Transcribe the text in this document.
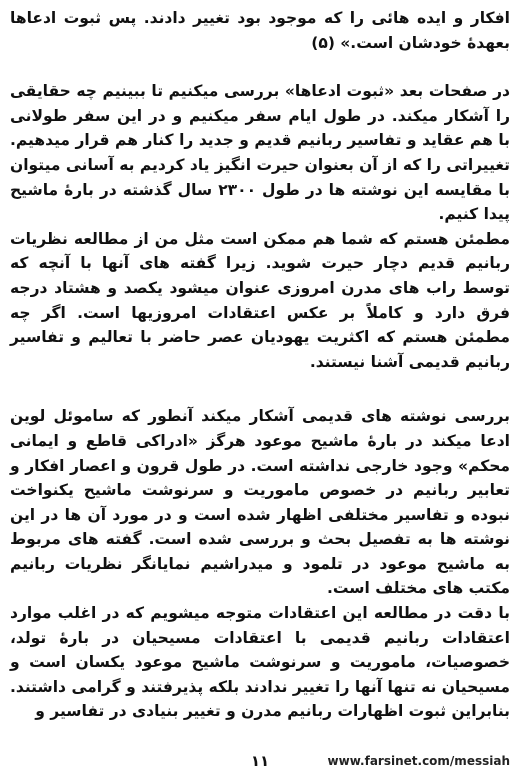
افکار و ایده هائی را که موجود بود تغییر دادند. پس ثبوت ادعاها بعهدهٔ خودشان است.» (۵)

در صفحات بعد «ثبوت ادعاها» بررسی میکنیم تا ببینیم چه حقایقی را آشکار میکند. در طول ایام سفر میکنیم و در این سفر طولانی با هم عقاید و تفاسیر ربانیم قدیم و جدید را کنار هم قرار میدهیم. تغییراتی را که از آن بعنوان حیرت انگیز یاد کردیم به آسانی میتوان با مقایسه این نوشته ها در طول ۲۳۰۰ سال گذشته در بارهٔ ماشیح پیدا کنیم.

مطمئن هستم که شما هم ممکن است مثل من از مطالعه نظریات ربانیم قدیم دچار حیرت شوید. زیرا گفته های آنها با آنچه که توسط راب های مدرن امروزی عنوان میشود یکصد و هشتاد درجه فرق دارد و کاملاً بر عکس اعتقادات امروزیها است. اگر چه مطمئن هستم که اکثریت یهودیان عصر حاضر با تعالیم و تفاسیر ربانیم قدیمی آشنا نیستند.

بررسی نوشته های قدیمی آشکار میکند آنطور که ساموئل لوین ادعا میکند در بارهٔ ماشیح موعود هرگز «ادراکی قاطع و ایمانی محکم» وجود خارجی نداشته است. در طول قرون و اعصار افکار و تعابیر ربانیم در خصوص ماموریت و سرنوشت ماشیح یکنواخت نبوده و تفاسیر مختلفی اظهار شده است و در مورد آن ها در این نوشته ها به تفصیل بحث و بررسی شده است. گفته های مربوط به ماشیح موعود در تلمود و میدراشیم نمایانگر نظریات ربانیم مکتب های مختلف است.

با دقت در مطالعه این اعتقادات متوجه میشویم که در اغلب موارد اعتقادات ربانیم قدیمی با اعتقادات مسیحیان در بارهٔ تولد، خصوصیات، ماموریت و سرنوشت ماشیح موعود یکسان است و مسیحیان نه تنها آنها را تغییر ندادند بلکه پذیرفتند و گرامی داشتند. بنابراین ثبوت اظهارات ربانیم مدرن و تغییر بنیادی در تفاسیر و

۱۱	www.farsinet.com/messiah
